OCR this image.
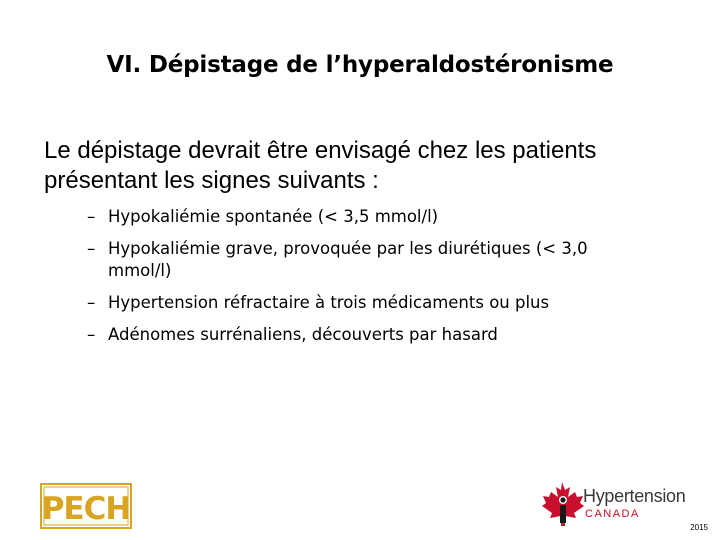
VI. Dépistage de l’hyperaldostéronisme
Le dépistage devrait être envisagé chez les patients présentant les signes suivants :
– Hypokaliémie spontanée (< 3,5 mmol/l)
– Hypokaliémie grave, provoquée par les diurétiques (< 3,0 mmol/l)
– Hypertension réfractaire à trois médicaments ou plus
– Adénomes surrénaliens, découverts par hasard
PECH	Hypertension
CANADA
2015
